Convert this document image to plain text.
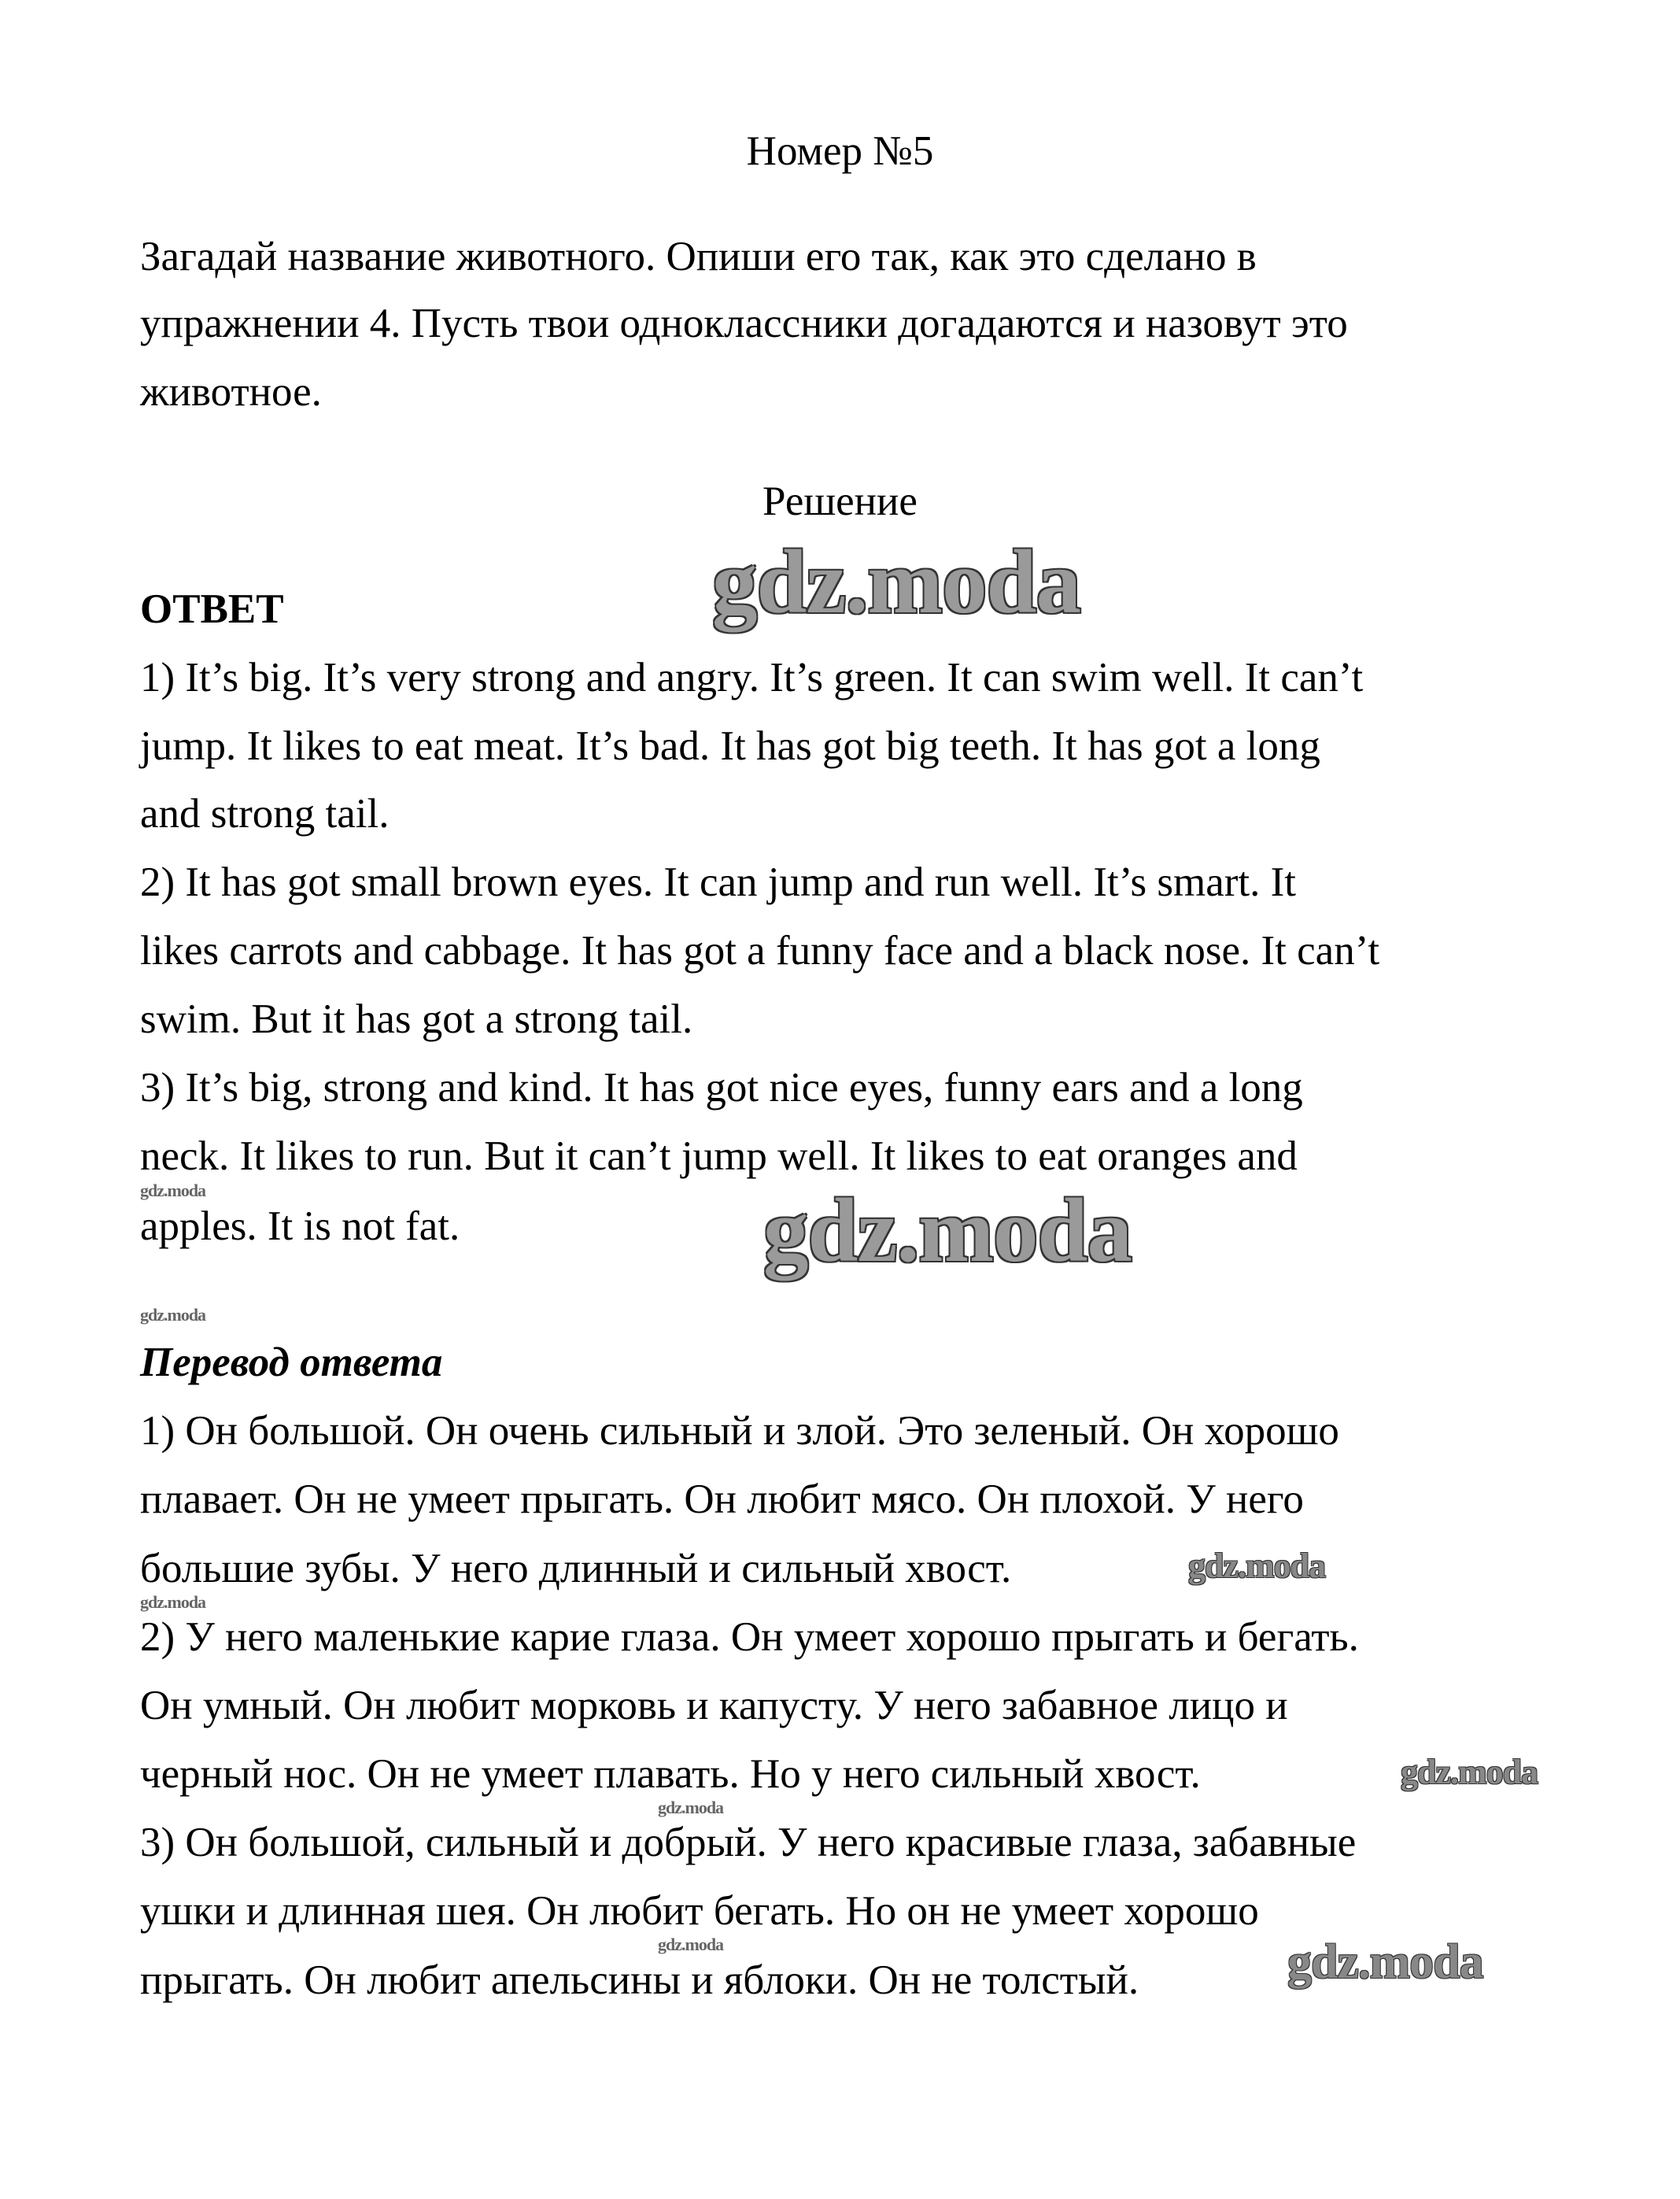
Номер №5
Загадай название животного. Опиши его так, как это сделано в
упражнении 4. Пусть твои одноклассники догадаются и назовут это
животное.
Решение
ОТВЕТ
1) It’s big. It’s very strong and angry. It’s green. It can swim well. It can’t
jump. It likes to eat meat. It’s bad. It has got big teeth. It has got a long
and strong tail.
2) It has got small brown eyes. It can jump and run well. It’s smart. It
likes carrots and cabbage. It has got a funny face and a black nose. It can’t
swim. But it has got a strong tail.
3) It’s big, strong and kind. It has got nice eyes, funny ears and a long
neck. It likes to run. But it can’t jump well. It likes to eat oranges and
apples. It is not fat.
Перевод ответа
1) Он большой. Он очень сильный и злой. Это зеленый. Он хорошо
плавает. Он не умеет прыгать. Он любит мясо. Он плохой. У него
большие зубы. У него длинный и сильный хвост.
2) У него маленькие карие глаза. Он умеет хорошо прыгать и бегать.
Он умный. Он любит морковь и капусту. У него забавное лицо и
черный нос. Он не умеет плавать. Но у него сильный хвост.
3) Он большой, сильный и добрый. У него красивые глаза, забавные
ушки и длинная шея. Он любит бегать. Но он не умеет хорошо
прыгать. Он любит апельсины и яблоки. Он не толстый.
gdz.moda
gdz.moda
gdz.moda
gdz.moda
gdz.moda
gdz.moda
gdz.moda
gdz.moda
gdz.moda
gdz.moda
